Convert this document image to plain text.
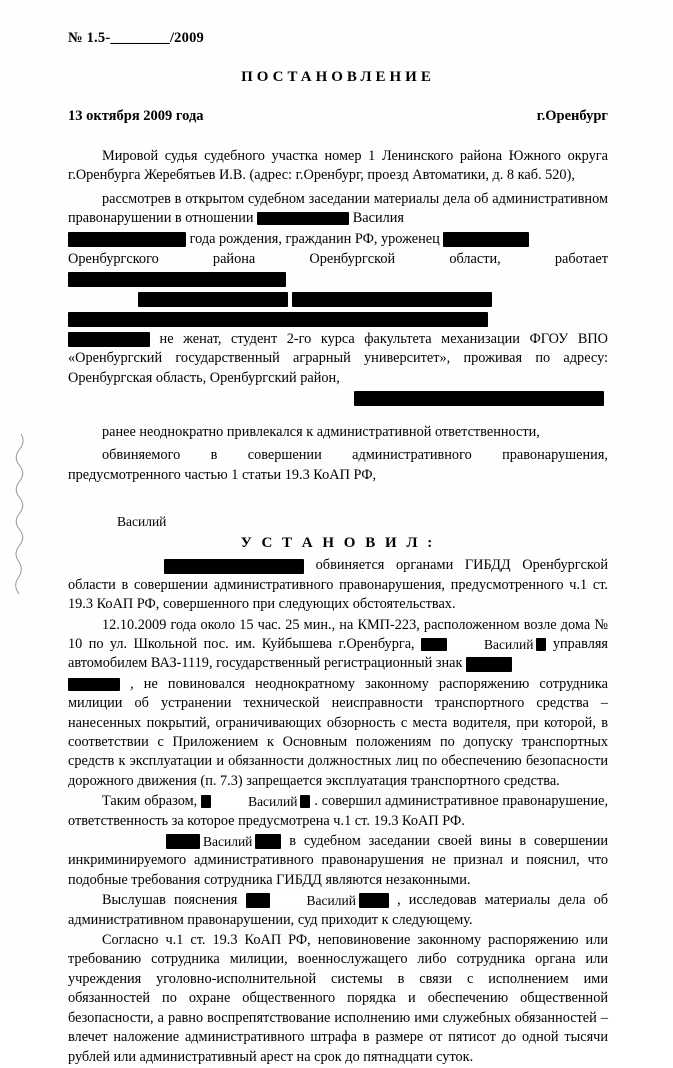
№ 1.5-________/2009
ПОСТАНОВЛЕНИЕ
13 октября 2009 года	г.Оренбург

Мировой судья судебного участка номер 1 Ленинского района Южного округа г.Оренбурга Жеребятьев И.В. (адрес: г.Оренбург, проезд Автоматики, д. 8 каб. 520),

рассмотрев в открытом судебном заседании материалы дела об административном правонарушении в отношении	Василия

года рождения, гражданин РФ, уроженец

Оренбургского района Оренбургской области, работает

не женат, студент 2-го курса факультета механизации ФГОУ ВПО «Оренбургский государственный аграрный университет», проживая по адресу: Оренбургская область, Оренбургский район,

ранее неоднократно привлекался к административной ответственности,

обвиняемого в совершении административного правонарушения, предусмотренного частью 1 статьи 19.3 КоАП РФ,

Василий

У С Т А Н О В И Л :

обвиняется органами ГИБДД Оренбургской области в совершении административного правонарушения, предусмотренного ч.1 ст. 19.3 КоАП РФ, совершенного при следующих обстоятельствах.

12.10.2009 года около 15 час. 25 мин., на КМП-223, расположенном возле дома № 10 по ул. Школьной пос. им. Куйбышева г.Оренбурга,	Василий управляя автомобилем ВАЗ-1119, государственный регистрационный знак

, не повиновался неоднократному законному распоряжению сотрудника милиции об устранении технической неисправности транспортного средства – нанесенных покрытий, ограничивающих обзорность с места водителя, при которой, в соответствии с Приложением к Основным положениям по допуску транспортных средств к эксплуатации и обязанности должностных лиц по обеспечению безопасности дорожного движения (п. 7.3) запрещается эксплуатация транспортного средства.

Таким образом,	Василий . совершил административное правонарушение, ответственность за которое предусмотрена ч.1 ст. 19.3 КоАП РФ.

Василий	в судебном заседании своей вины в совершении инкриминируемого административного правонарушения не признал и пояснил, что подобные требования сотрудника ГИБДД являются незаконными.

Выслушав пояснения	Василий	, исследовав материалы дела об административном правонарушении, суд приходит к следующему.

Согласно ч.1 ст. 19.3 КоАП РФ, неповиновение законному распоряжению или требованию сотрудника милиции, военнослужащего либо сотрудника органа или учреждения уголовно-исполнительной системы в связи с исполнением ими обязанностей по охране общественного порядка и обеспечению общественной безопасности, а равно воспрепятствование исполнению ими служебных обязанностей – влечет наложение административного штрафа в размере от пятисот до одной тысячи рублей или административный арест на срок до пятнадцати суток.
